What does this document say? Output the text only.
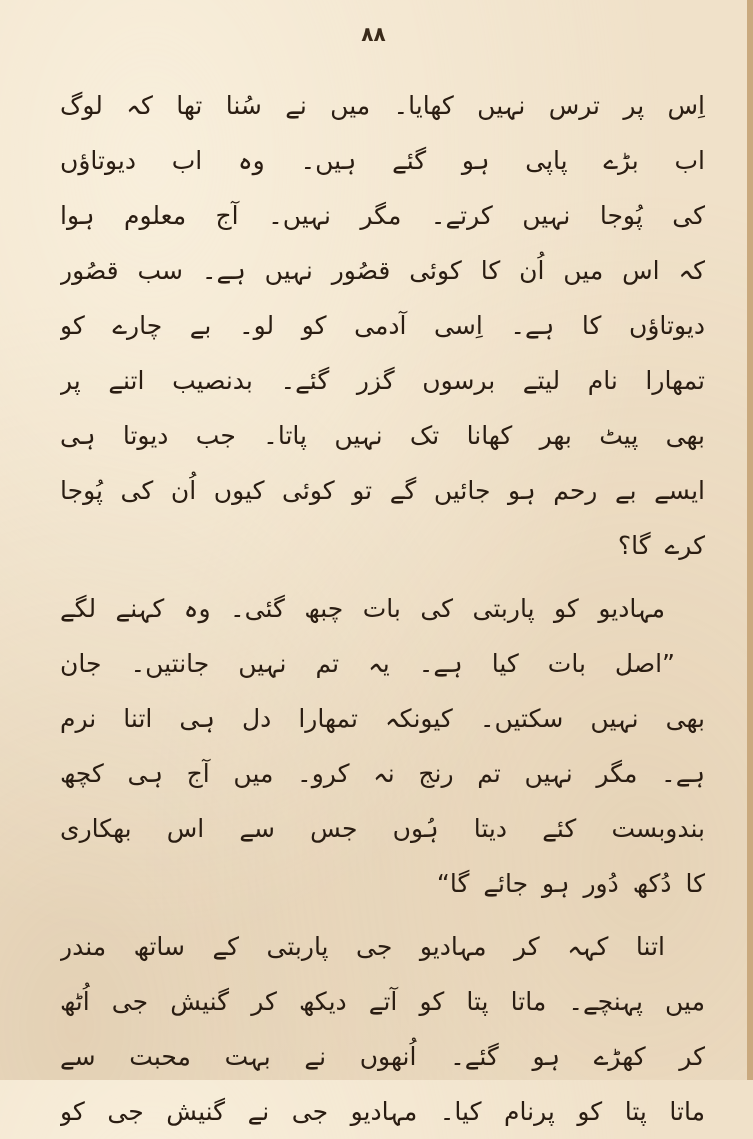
۸۸
اِس پر ترس نہیں کھایا۔ میں نے سُنا تھا کہ لوگ
اب بڑے پاپی ہو گئے ہیں۔ وہ اب دیوتاؤں
کی پُوجا نہیں کرتے۔ مگر نہیں۔ آج معلوم ہوا
کہ اس میں اُن کا کوئی قصُور نہیں ہے۔ سب قصُور
دیوتاؤں کا ہے۔ اِسی آدمی کو لو۔ بے چارے کو
تمھارا نام لیتے برسوں گزر گئے۔ بدنصیب اتنے پر
بھی پیٹ بھر کھانا تک نہیں پاتا۔ جب دیوتا ہی
ایسے بے رحم ہو جائیں گے تو کوئی کیوں اُن کی پُوجا
کرے گا؟
مہادیو کو پاربتی کی بات چبھ گئی۔ وہ کہنے لگے
”اصل بات کیا ہے۔ یہ تم نہیں جانتیں۔ جان
بھی نہیں سکتیں۔ کیونکہ تمھارا دل ہی اتنا نرم
ہے۔ مگر نہیں تم رنج نہ کرو۔ میں آج ہی کچھ
بندوبست کئے دیتا ہُوں جس سے اس بھکاری
کا دُکھ دُور ہو جائے گا“
اتنا کہہ کر مہادیو جی پاربتی کے ساتھ مندر
میں پہنچے۔ ماتا پتا کو آتے دیکھ کر گنیش جی اُٹھ
کر کھڑے ہو گئے۔ اُنھوں نے بہت محبت سے
ماتا پتا کو پرنام کیا۔ مہادیو جی نے گنیش جی کو
